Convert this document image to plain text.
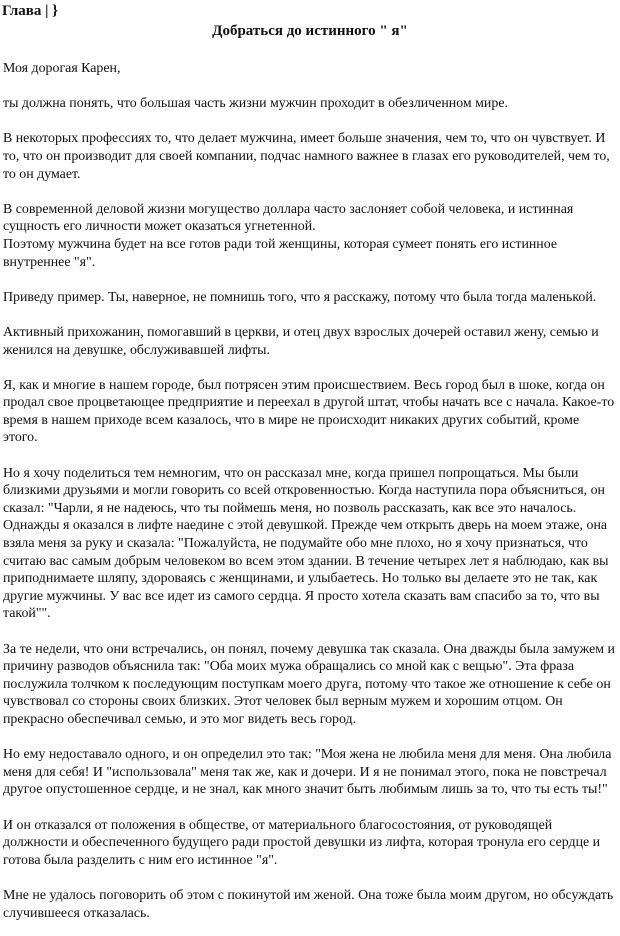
Глава | }
Добраться до истинного " я"

Моя дорогая Карен,

ты должна понять, что большая часть жизни мужчин проходит в обезличенном мире.

В некоторых профессиях то, что делает мужчина, имеет больше значения, чем то, что он чувствует. И то, что он производит для своей компании, подчас намного важнее в глазах его руководителей, чем то, то он думает.

В современной деловой жизни могущество доллара часто заслоняет собой человека, и истинная сущность его личности может оказаться угнетенной.
Поэтому мужчина будет на все готов ради той женщины, которая сумеет понять его истинное внутреннее "я".

Приведу пример. Ты, наверное, не помнишь того, что я расскажу, потому что была тогда маленькой.

Активный прихожанин, помогавший в церкви, и отец двух взрослых дочерей оставил жену, семью и женился на девушке, обслуживавшей лифты.

Я, как и многие в нашем городе, был потрясен этим происшествием. Весь город был в шоке, когда он продал свое процветающее предприятие и переехал в другой штат, чтобы начать все с начала. Какое-то время в нашем приходе всем казалось, что в мире не происходит никаких других событий, кроме этого.

Но я хочу поделиться тем немногим, что он рассказал мне, когда пришел попрощаться. Мы были близкими друзьями и могли говорить со всей откровенностью. Когда наступила пора объясниться, он сказал: "Чарли, я не надеюсь, что ты поймешь меня, но позволь рассказать, как все это началось. Однажды я оказался в лифте наедине с этой девушкой. Прежде чем открыть дверь на моем этаже, она взяла меня за руку и сказала: "Пожалуйста, не подумайте обо мне плохо, но я хочу признаться, что считаю вас самым добрым человеком во всем этом здании. В течение четырех лет я наблюдаю, как вы приподнимаете шляпу, здороваясь с женщинами, и улыбаетесь. Но только вы делаете это не так, как другие мужчины. У вас все идет из самого сердца. Я просто хотела сказать вам спасибо за то, что вы такой"".

За те недели, что они встречались, он понял, почему девушка так сказала. Она дважды была замужем и причину разводов объяснила так: "Оба моих мужа обращались со мной как с вещью". Эта фраза послужила толчком к последующим поступкам моего друга, потому что такое же отношение к себе он чувствовал со стороны своих близких. Этот человек был верным мужем и хорошим отцом. Он прекрасно обеспечивал семью, и это мог видеть весь город.

Но ему недоставало одного, и он определил это так: "Моя жена не любила меня для меня. Она любила меня для себя! И "использовала" меня так же, как и дочери. И я не понимал этого, пока не повстречал другое опустошенное сердце, и не знал, как много значит быть любимым лишь за то, что ты есть ты!"

И он отказался от положения в обществе, от материального благосостояния, от руководящей должности и обеспеченного будущего ради простой девушки из лифта, которая тронула его сердце и готова была разделить с ним его истинное "я".

Мне не удалось поговорить об этом с покинутой им женой. Она тоже была моим другом, но обсуждать случившееся отказалась.
